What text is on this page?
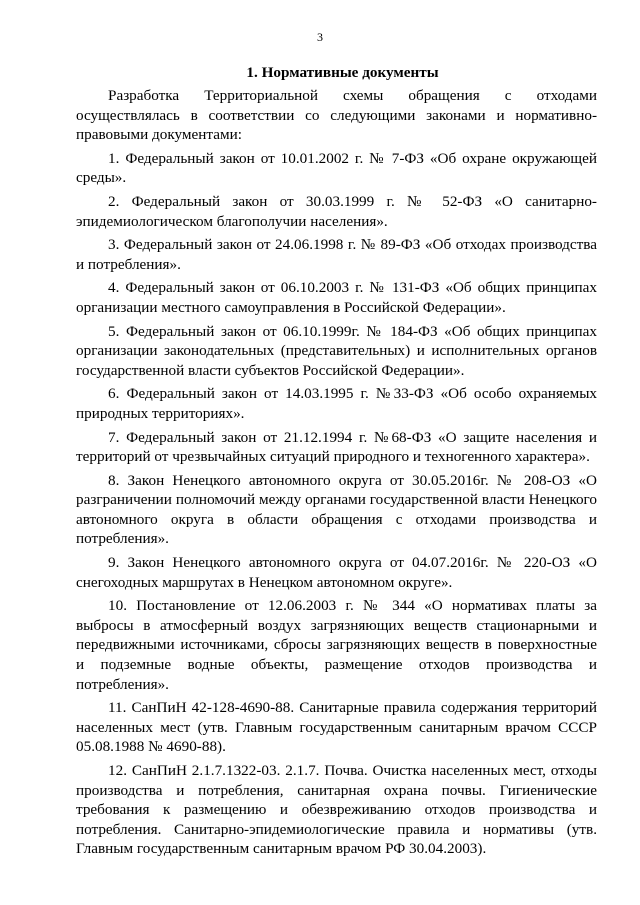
3
1. Нормативные документы

Разработка Территориальной схемы обращения с отходами осуществлялась в соответствии со следующими законами и нормативно-правовыми документами:

1. Федеральный закон от 10.01.2002 г. № 7-ФЗ «Об охране окружающей среды».

2. Федеральный закон от 30.03.1999 г. № 52-ФЗ «О санитарно-эпидемиологическом благополучии населения».

3. Федеральный закон от 24.06.1998 г. № 89-ФЗ «Об отходах производства и потребления».

4. Федеральный закон от 06.10.2003 г. № 131-ФЗ «Об общих принципах организации местного самоуправления в Российской Федерации».

5. Федеральный закон от 06.10.1999г. № 184-ФЗ «Об общих принципах организации законодательных (представительных) и исполнительных органов государственной власти субъектов Российской Федерации».

6. Федеральный закон от 14.03.1995 г. №33-ФЗ «Об особо охраняемых природных территориях».

7. Федеральный закон от 21.12.1994 г. №68-ФЗ «О защите населения и территорий от чрезвычайных ситуаций природного и техногенного характера».

8. Закон Ненецкого автономного округа от 30.05.2016г. № 208-ОЗ «О разграничении полномочий между органами государственной власти Ненецкого автономного округа в области обращения с отходами производства и потребления».

9. Закон Ненецкого автономного округа от 04.07.2016г. № 220-ОЗ «О снегоходных маршрутах в Ненецком автономном округе».

10. Постановление от 12.06.2003 г. № 344 «О нормативах платы за выбросы в атмосферный воздух загрязняющих веществ стационарными и передвижными источниками, сбросы загрязняющих веществ в поверхностные и подземные водные объекты, размещение отходов производства и потребления».

11. СанПиН 42-128-4690-88. Санитарные правила содержания территорий населенных мест (утв. Главным государственным санитарным врачом СССР 05.08.1988 № 4690-88).

12. СанПиН 2.1.7.1322-03. 2.1.7. Почва. Очистка населенных мест, отходы производства и потребления, санитарная охрана почвы. Гигиенические требования к размещению и обезвреживанию отходов производства и потребления. Санитарно-эпидемиологические правила и нормативы (утв. Главным государственным санитарным врачом РФ 30.04.2003).
